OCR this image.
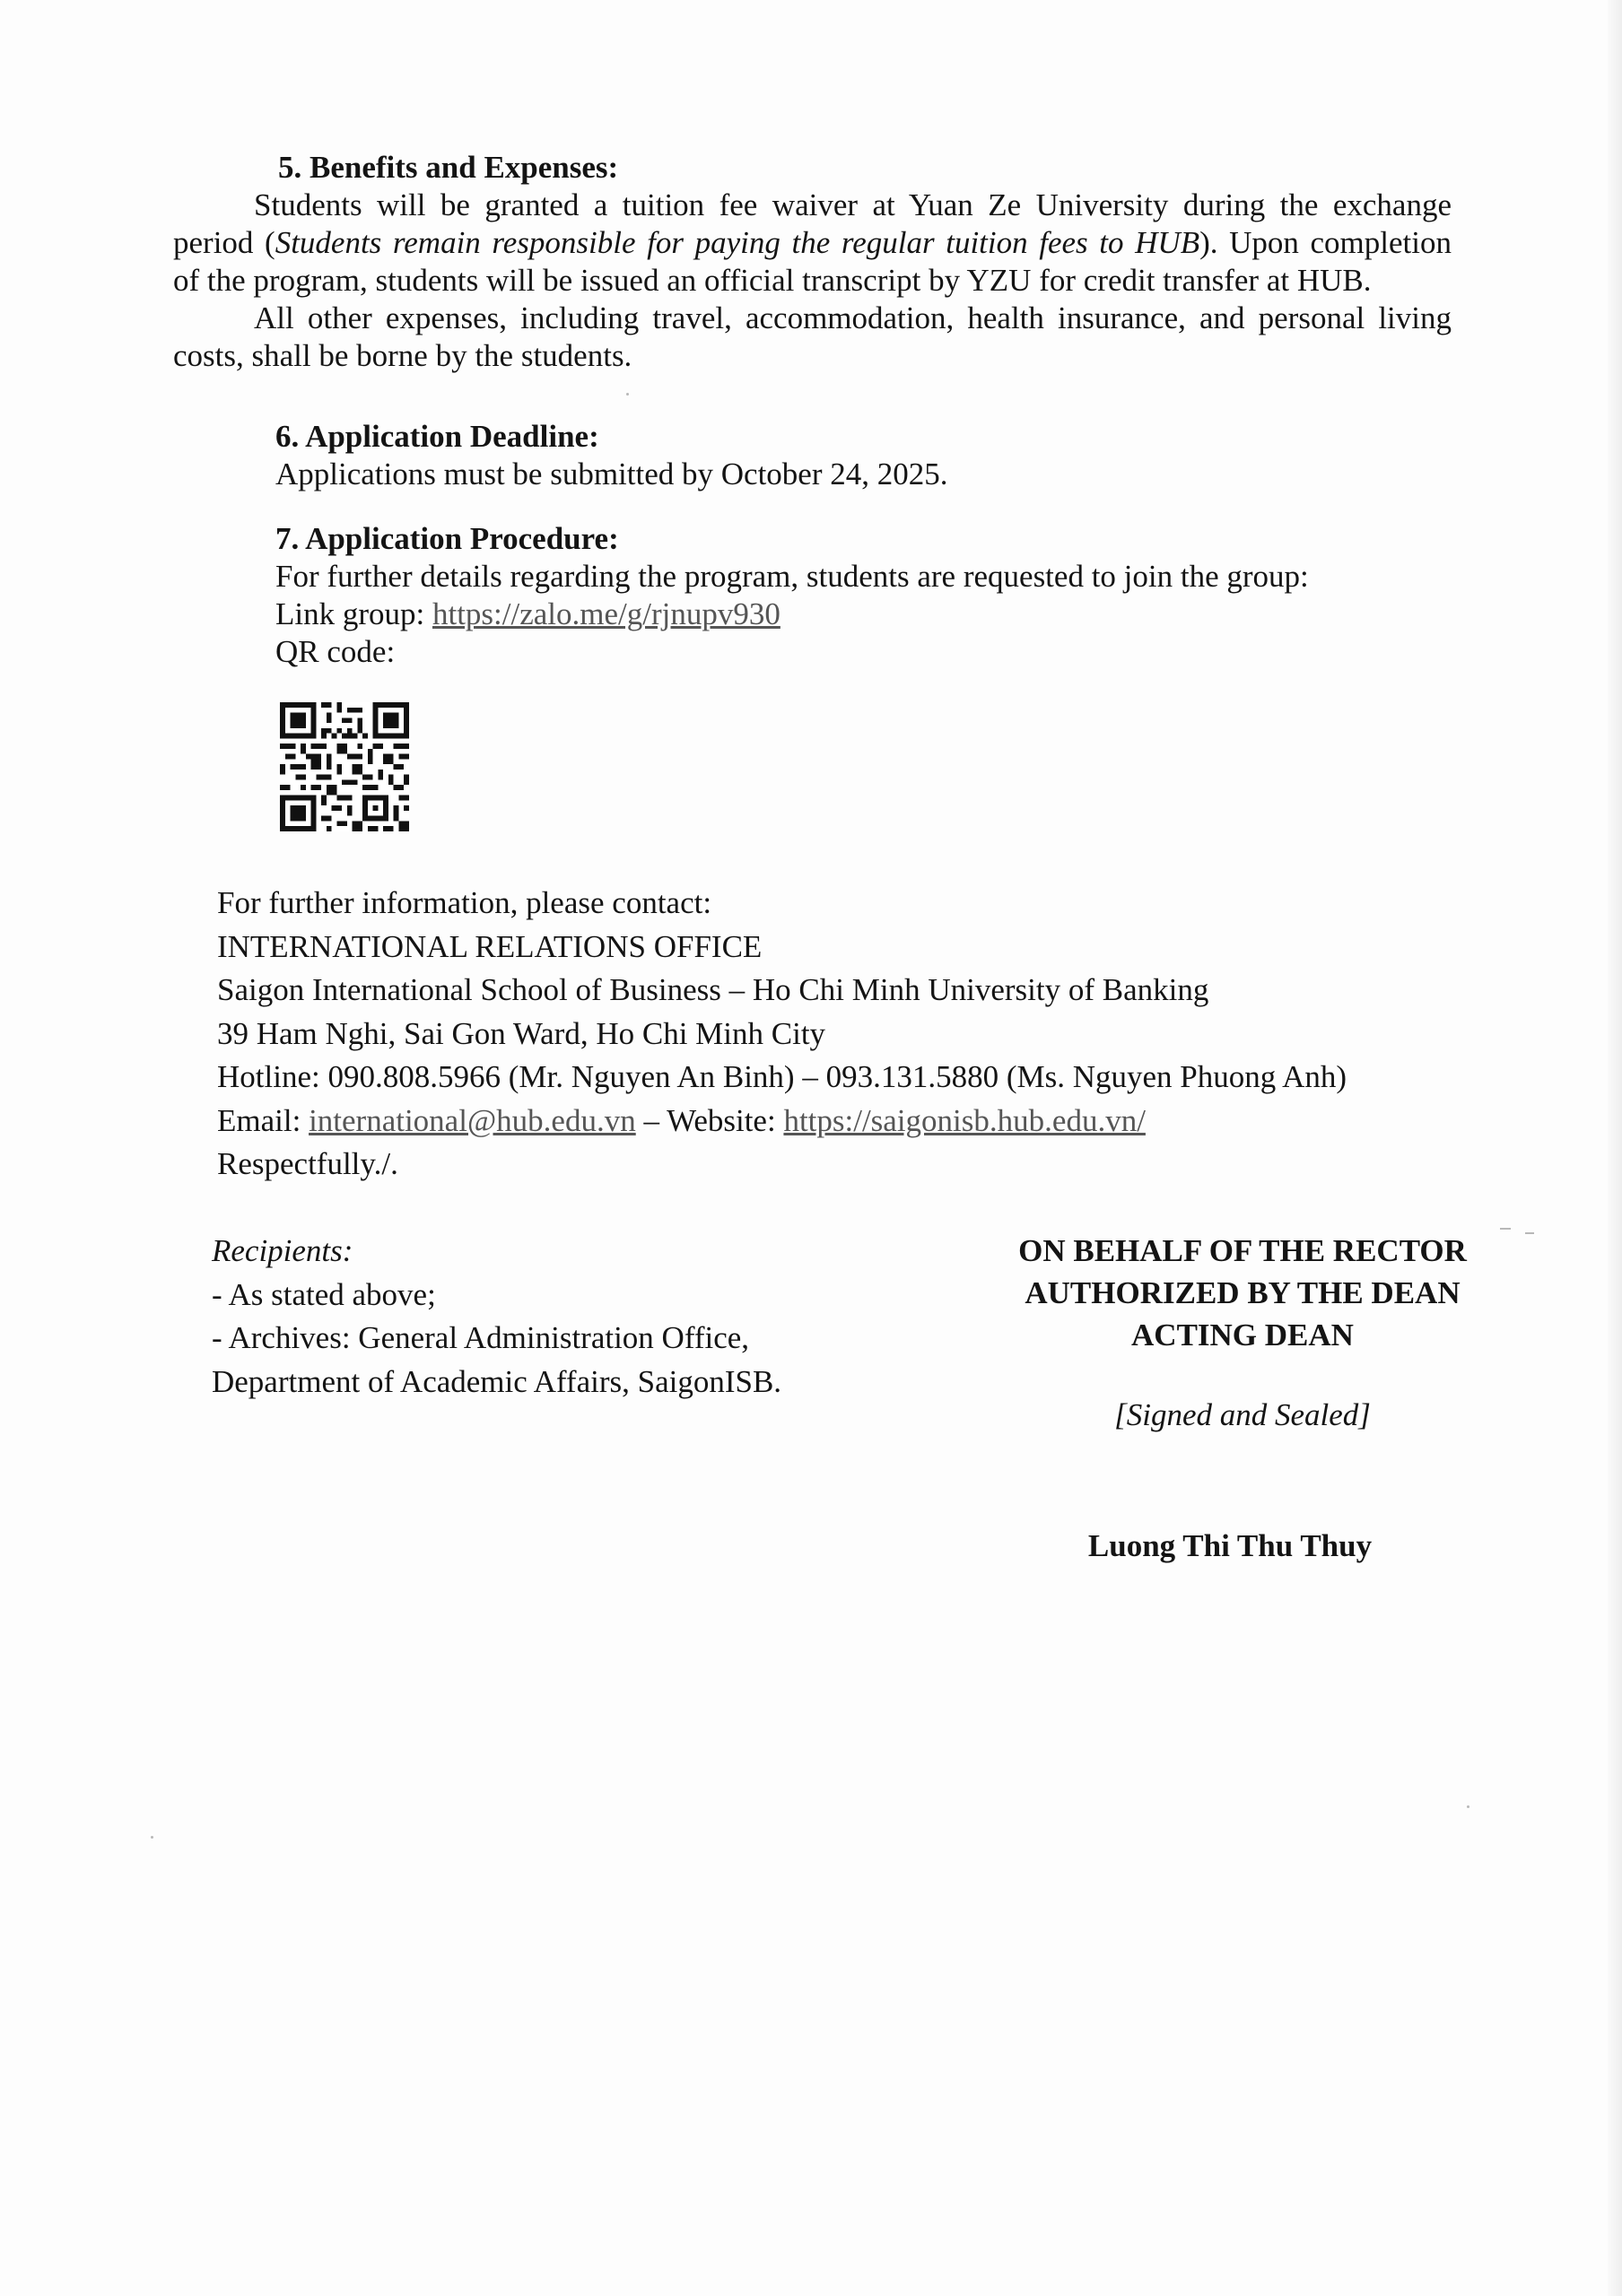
5. Benefits and Expenses:
Students will be granted a tuition fee waiver at Yuan Ze University during the exchange
period (Students remain responsible for paying the regular tuition fees to HUB). Upon completion
of the program, students will be issued an official transcript by YZU for credit transfer at HUB.
All other expenses, including travel, accommodation, health insurance, and personal living
costs, shall be borne by the students.
6. Application Deadline:
Applications must be submitted by October 24, 2025.
7. Application Procedure:
For further details regarding the program, students are requested to join the group:
Link group: https://zalo.me/g/rjnupv930
QR code:
For further information, please contact:
INTERNATIONAL RELATIONS OFFICE
Saigon International School of Business – Ho Chi Minh University of Banking
39 Ham Nghi, Sai Gon Ward, Ho Chi Minh City
Hotline: 090.808.5966 (Mr. Nguyen An Binh) – 093.131.5880 (Ms. Nguyen Phuong Anh)
Email: international@hub.edu.vn – Website: https://saigonisb.hub.edu.vn/
Respectfully./.
Recipients:
- As stated above;
- Archives: General Administration Office,
Department of Academic Affairs, SaigonISB.
ON BEHALF OF THE RECTOR
AUTHORIZED BY THE DEAN
ACTING DEAN
[Signed and Sealed]
Luong Thi Thu Thuy
